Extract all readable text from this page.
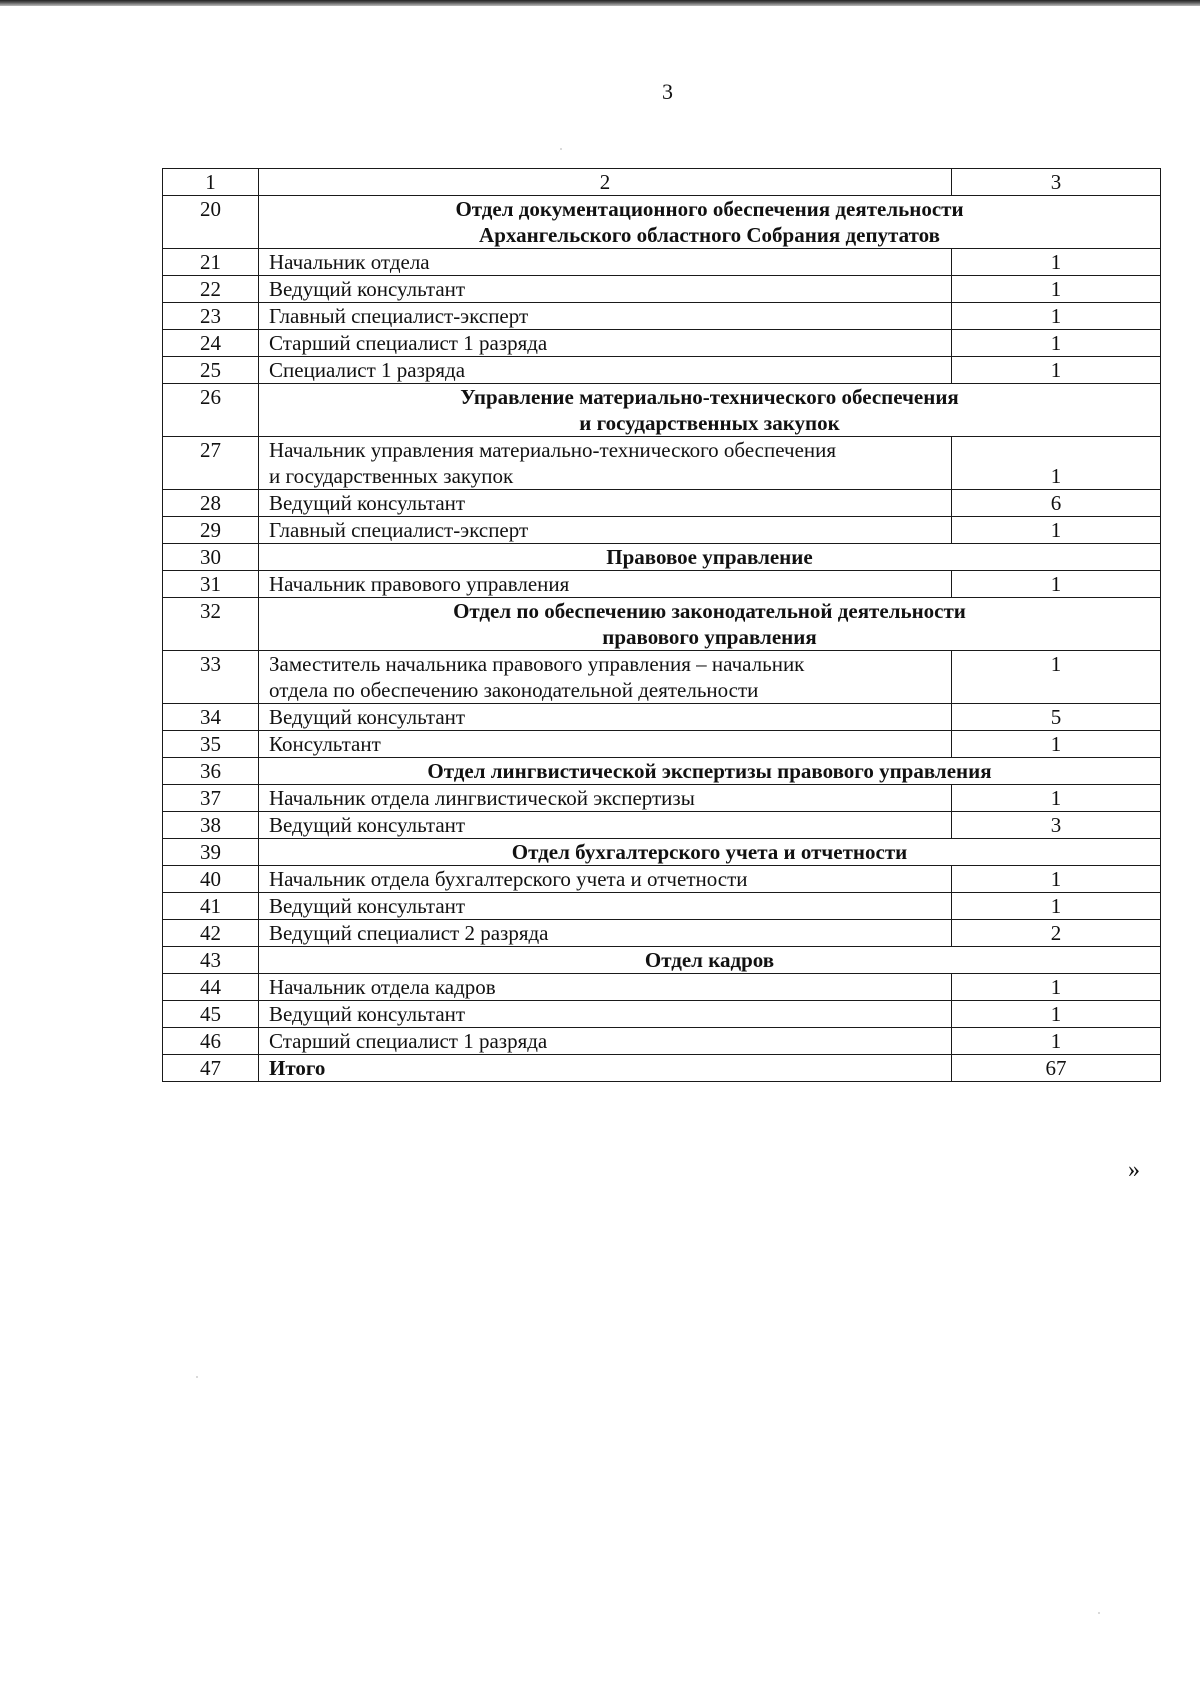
3
1	2	3
20	Отдел документационного обеспечения деятельности
Архангельского областного Собрания депутатов	

21	Начальник отдела	1
22	Ведущий консультант	1
23	Главный специалист-эксперт	1
24	Старший специалист 1 разряда	1
25	Специалист 1 разряда	1
26	Управление материально-технического обеспечения
и государственных закупок	

27	Начальник управления материально-технического обеспечения
и государственных закупок	1
28	Ведущий консультант	6
29	Главный специалист-эксперт	1
30	Правовое управление	

31	Начальник правового управления	1
32	Отдел по обеспечению законодательной деятельности
правового управления	

33	Заместитель начальника правового управления – начальник
отдела по обеспечению законодательной деятельности	1
34	Ведущий консультант	5
35	Консультант	1
36	Отдел лингвистической экспертизы правового управления	

37	Начальник отдела лингвистической экспертизы	1
38	Ведущий консультант	3
39	Отдел бухгалтерского учета и отчетности	

40	Начальник отдела бухгалтерского учета и отчетности	1
41	Ведущий консультант	1
42	Ведущий специалист 2 разряда	2
43	Отдел кадров	

44	Начальник отдела кадров	1
45	Ведущий консультант	1
46	Старший специалист 1 разряда	1
47	Итого	67
»
